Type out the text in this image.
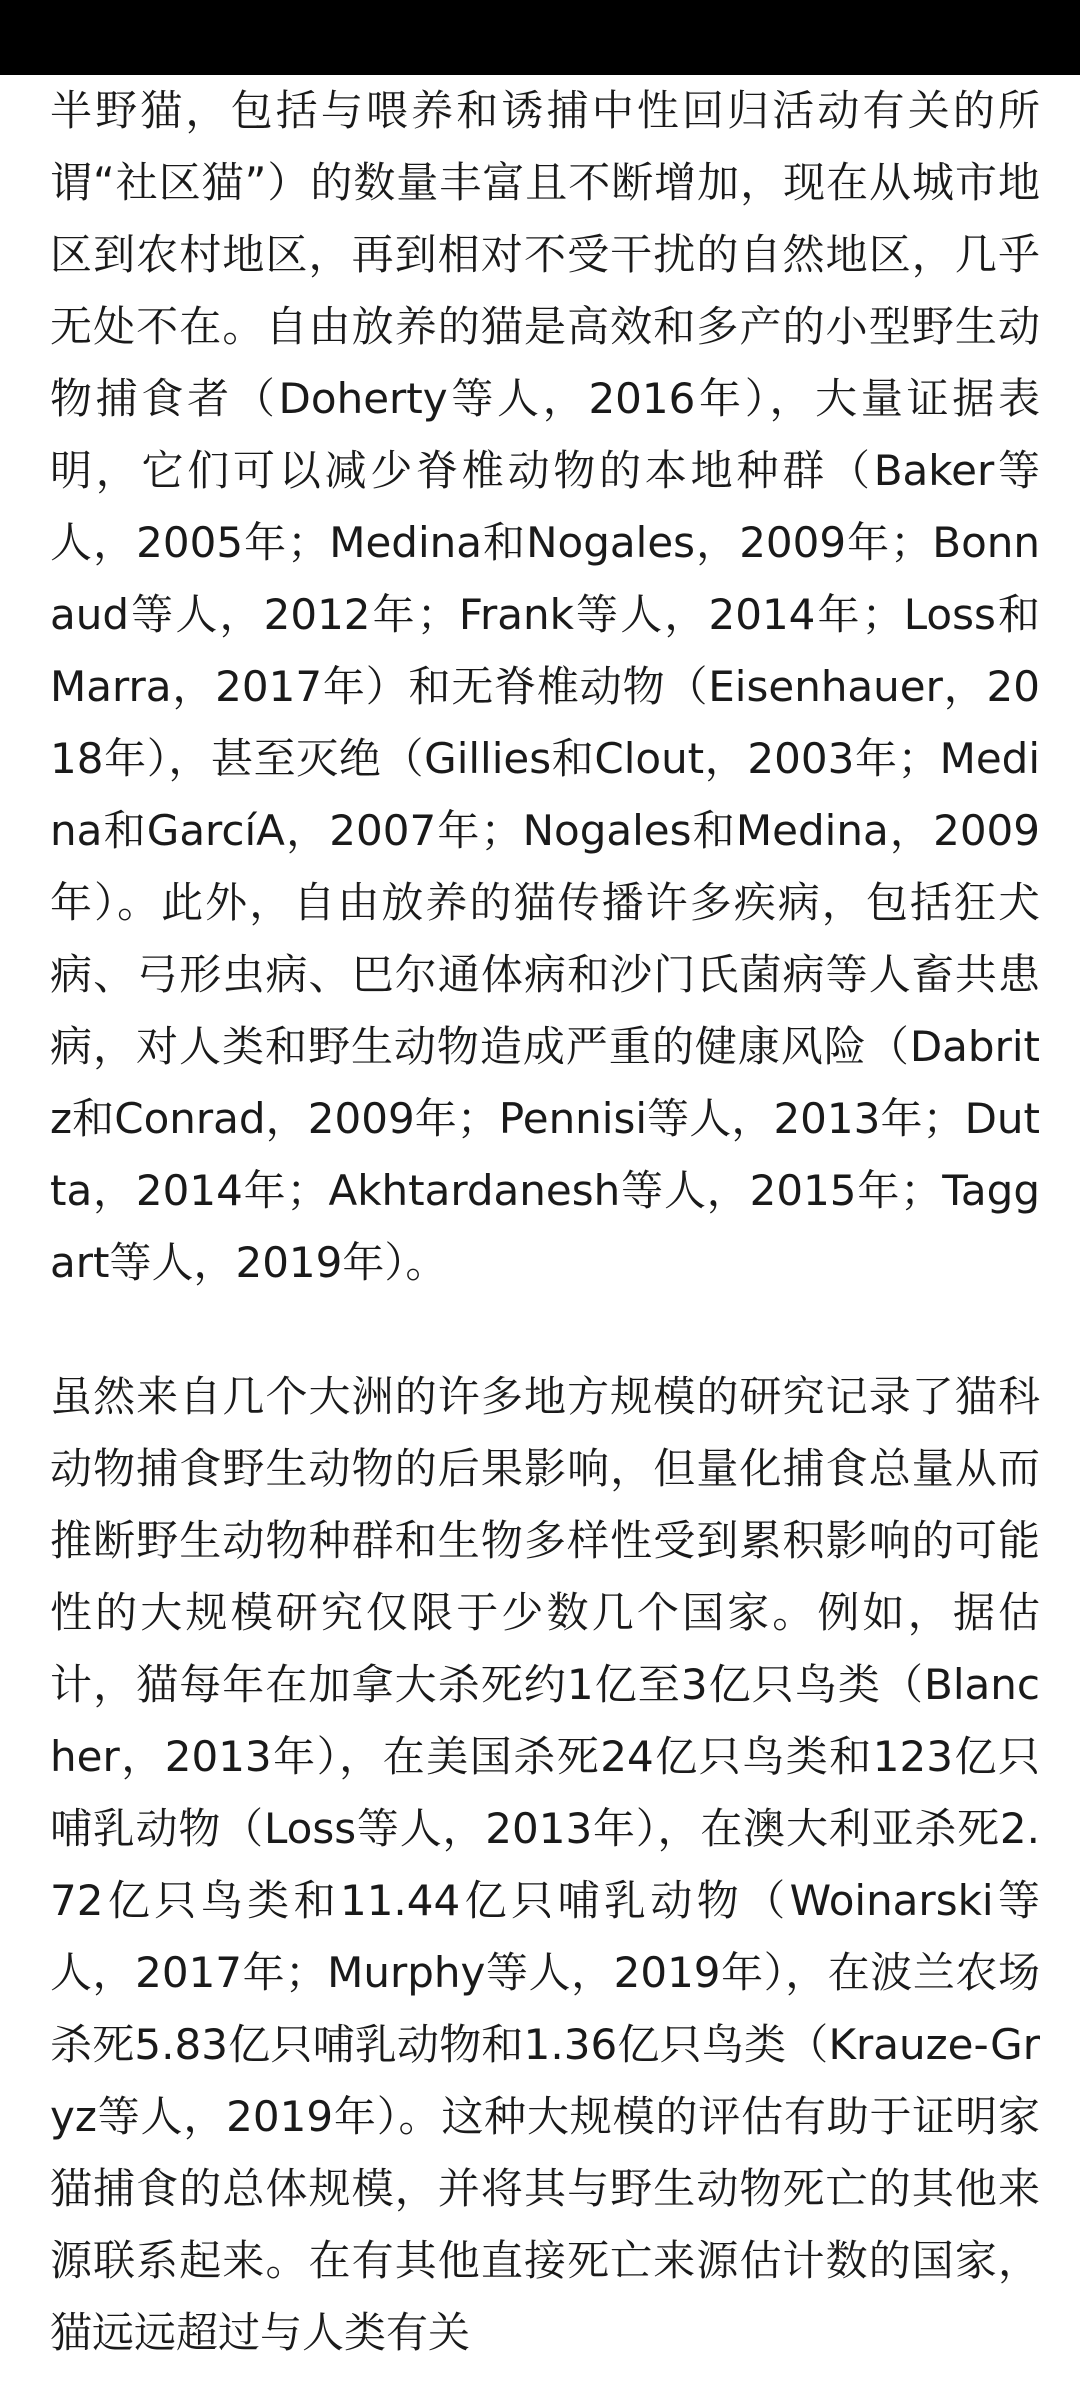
半野猫，包括与喂养和诱捕中性回归活动有关的所谓“社区猫”）的数量丰富且不断增加，现在从城市地区到农村地区，再到相对不受干扰的自然地区，几乎无处不在。自由放养的猫是高效和多产的小型野生动物捕食者（Doherty等人，2016年），大量证据表明，它们可以减少脊椎动物的本地种群（Baker等人，2005年；Medina和Nogales，2009年；Bonnaud等人，2012年；Frank等人，2014年；Loss和Marra，2017年）和无脊椎动物（Eisenhauer，2018年），甚至灭绝（Gillies和Clout，2003年；Medina和GarcíA，2007年；Nogales和Medina，2009年）。此外，自由放养的猫传播许多疾病，包括狂犬病、弓形虫病、巴尔通体病和沙门氏菌病等人畜共患病，对人类和野生动物造成严重的健康风险（Dabritz和Conrad，2009年；Pennisi等人，2013年；Dutta，2014年；Akhtardanesh等人，2015年；Taggart等人，2019年）。

虽然来自几个大洲的许多地方规模的研究记录了猫科动物捕食野生动物的后果影响，但量化捕食总量从而推断野生动物种群和生物多样性受到累积影响的可能性的大规模研究仅限于少数几个国家。例如，据估计，猫每年在加拿大杀死约1亿至3亿只鸟类（Blancher，2013年），在美国杀死24亿只鸟类和123亿只哺乳动物（Loss等人，2013年），在澳大利亚杀死2.72亿只鸟类和11.44亿只哺乳动物（Woinarski等人，2017年；Murphy等人，2019年），在波兰农场杀死5.83亿只哺乳动物和1.36亿只鸟类（Krauze-Gryz等人，2019年）。这种大规模的评估有助于证明家猫捕食的总体规模，并将其与野生动物死亡的其他来源联系起来。在有其他直接死亡来源估计数的国家，猫远远超过与人类有关
